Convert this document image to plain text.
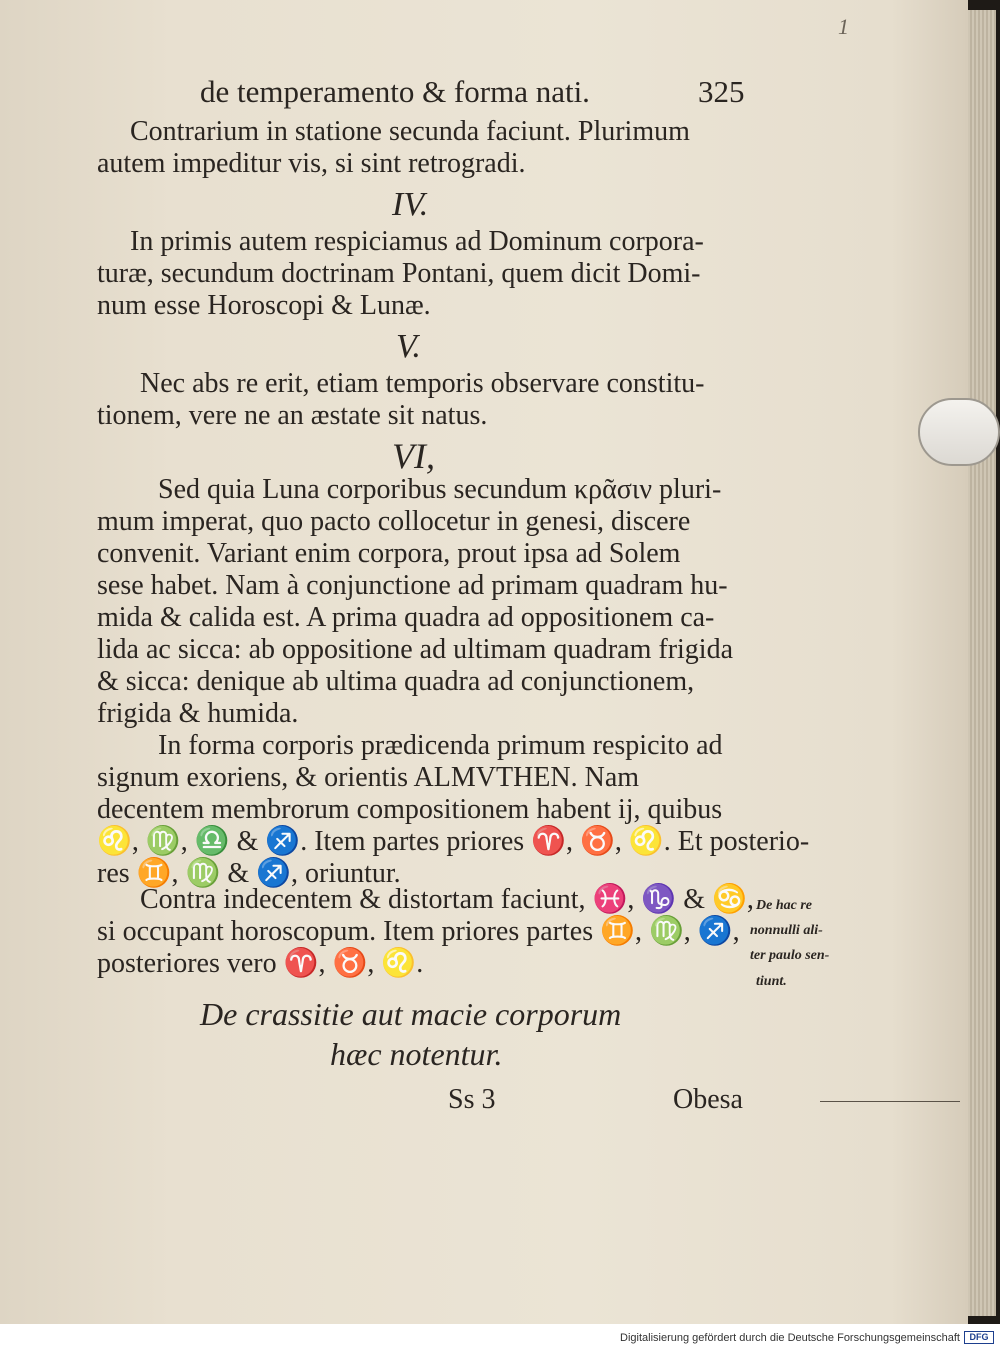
1
de temperamento & forma nati.	325
Contrarium in statione secunda faciunt. Plurimum
autem impeditur vis, si sint retrogradi.
IV.
In primis autem respiciamus ad Dominum corpora-
turæ, secundum doctrinam Pontani, quem dicit Domi-
num esse Horoscopi & Lunæ.
V.
Nec abs re erit, etiam temporis observare constitu-
tionem, vere ne an æstate sit natus.
VI,
Sed quia Luna corporibus secundum κρᾶσιν pluri-
mum imperat, quo pacto collocetur in genesi, discere
convenit. Variant enim corpora, prout ipsa ad Solem
sese habet. Nam à conjunctione ad primam quadram hu-
mida & calida est. A prima quadra ad oppositionem ca-
lida ac sicca: ab oppositione ad ultimam quadram frigida
& sicca: denique ab ultima quadra ad conjunctionem,
frigida & humida.
In forma corporis prædicenda primum respicito ad
signum exoriens, & orientis ALMVTHEN. Nam
decentem membrorum compositionem habent ij, quibus
♌, ♍, ♎ & ♐. Item partes priores ♈, ♉, ♌. Et posterio-
res ♊, ♍ & ♐, oriuntur.
Contra indecentem & distortam faciunt, ♓, ♑ & ♋,
si occupant horoscopum. Item priores partes ♊, ♍, ♐,
posteriores vero ♈, ♉, ♌.
De crassitie aut macie corporum
hæc notentur.
De hac re
nonnulli ali-
ter paulo sen-
tiunt.
Ss 3	Obesa
Digitalisierung gefördert durch die Deutsche Forschungsgemeinschaft	DFG
